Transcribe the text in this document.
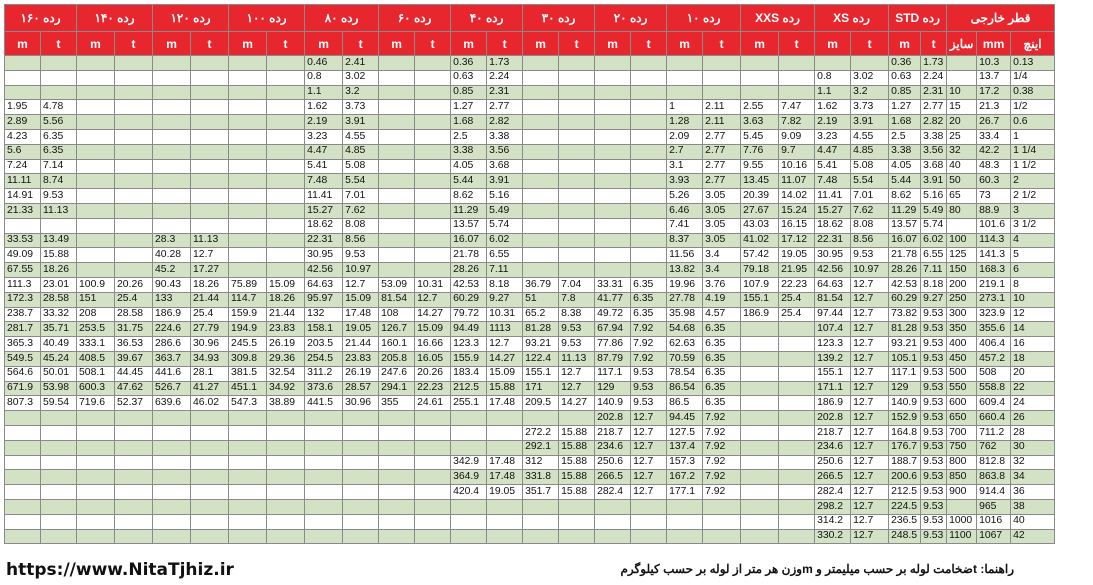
رده ۱۶۰		رده ۱۴۰		رده ۱۲۰		رده ۱۰۰		رده ۸۰		رده ۶۰		رده ۴۰		رده ۳۰		رده ۲۰		رده ۱۰		رده XXS		رده XS		رده STD		قطر خارجی		
m	t	m	t	m	t	m	t	m	t	m	t	m	t	m	t	m	t	m	t	m	t	m	t	m	t	سایز	mm	اینچ
								0.46	2.41			0.36	1.73											0.36	1.73		10.3	0.13
								0.8	3.02			0.63	2.24									0.8	3.02	0.63	2.24		13.7	1/4
								1.1	3.2			0.85	2.31									1.1	3.2	0.85	2.31	10	17.2	0.38
1.95	4.78							1.62	3.73			1.27	2.77					1	2.11	2.55	7.47	1.62	3.73	1.27	2.77	15	21.3	1/2
2.89	5.56							2.19	3.91			1.68	2.82					1.28	2.11	3.63	7.82	2.19	3.91	1.68	2.82	20	26.7	0.6
4.23	6.35							3.23	4.55			2.5	3.38					2.09	2.77	5.45	9.09	3.23	4.55	2.5	3.38	25	33.4	1
5.6	6.35							4.47	4.85			3.38	3.56					2.7	2.77	7.76	9.7	4.47	4.85	3.38	3.56	32	42.2	1 1/4
7.24	7.14							5.41	5.08			4.05	3.68					3.1	2.77	9.55	10.16	5.41	5.08	4.05	3.68	40	48.3	1 1/2
11.11	8.74							7.48	5.54			5.44	3.91					3.93	2.77	13.45	11.07	7.48	5.54	5.44	3.91	50	60.3	2
14.91	9.53							11.41	7.01			8.62	5.16					5.26	3.05	20.39	14.02	11.41	7.01	8.62	5.16	65	73	2 1/2
21.33	11.13							15.27	7.62			11.29	5.49					6.46	3.05	27.67	15.24	15.27	7.62	11.29	5.49	80	88.9	3
								18.62	8.08			13.57	5.74					7.41	3.05	43.03	16.15	18.62	8.08	13.57	5.74		101.6	3 1/2
33.53	13.49			28.3	11.13			22.31	8.56			16.07	6.02					8.37	3.05	41.02	17.12	22.31	8.56	16.07	6.02	100	114.3	4
49.09	15.88			40.28	12.7			30.95	9.53			21.78	6.55					11.56	3.4	57.42	19.05	30.95	9.53	21.78	6.55	125	141.3	5
67.55	18.26			45.2	17.27			42.56	10.97			28.26	7.11					13.82	3.4	79.18	21.95	42.56	10.97	28.26	7.11	150	168.3	6
111.3	23.01	100.9	20.26	90.43	18.26	75.89	15.09	64.63	12.7	53.09	10.31	42.53	8.18	36.79	7.04	33.31	6.35	19.96	3.76	107.9	22.23	64.63	12.7	42.53	8.18	200	219.1	8
172.3	28.58	151	25.4	133	21.44	114.7	18.26	95.97	15.09	81.54	12.7	60.29	9.27	51	7.8	41.77	6.35	27.78	4.19	155.1	25.4	81.54	12.7	60.29	9.27	250	273.1	10
238.7	33.32	208	28.58	186.9	25.4	159.9	21.44	132	17.48	108	14.27	79.72	10.31	65.2	8.38	49.72	6.35	35.98	4.57	186.9	25.4	97.44	12.7	73.82	9.53	300	323.9	12
281.7	35.71	253.5	31.75	224.6	27.79	194.9	23.83	158.1	19.05	126.7	15.09	94.49	1113	81.28	9.53	67.94	7.92	54.68	6.35			107.4	12.7	81.28	9.53	350	355.6	14
365.3	40.49	333.1	36.53	286.6	30.96	245.5	26.19	203.5	21.44	160.1	16.66	123.3	12.7	93.21	9.53	77.86	7.92	62.63	6.35			123.3	12.7	93.21	9.53	400	406.4	16
549.5	45.24	408.5	39.67	363.7	34.93	309.8	29.36	254.5	23.83	205.8	16.05	155.9	14.27	122.4	11.13	87.79	7.92	70.59	6.35			139.2	12.7	105.1	9.53	450	457.2	18
564.6	50.01	508.1	44.45	441.6	28.1	381.5	32.54	311.2	26.19	247.6	20.26	183.4	15.09	155.1	12.7	117.1	9.53	78.54	6.35			155.1	12.7	117.1	9.53	500	508	20
671.9	53.98	600.3	47.62	526.7	41.27	451.1	34.92	373.6	28.57	294.1	22.23	212.5	15.88	171	12.7	129	9.53	86.54	6.35			171.1	12.7	129	9.53	550	558.8	22
807.3	59.54	719.6	52.37	639.6	46.02	547.3	38.89	441.5	30.96	355	24.61	255.1	17.48	209.5	14.27	140.9	9.53	86.5	6.35			186.9	12.7	140.9	9.53	600	609.4	24
																202.8	12.7	94.45	7.92			202.8	12.7	152.9	9.53	650	660.4	26
														272.2	15.88	218.7	12.7	127.5	7.92			218.7	12.7	164.8	9.53	700	711.2	28
														292.1	15.88	234.6	12.7	137.4	7.92			234.6	12.7	176.7	9.53	750	762	30
												342.9	17.48	312	15.88	250.6	12.7	157.3	7.92			250.6	12.7	188.7	9.53	800	812.8	32
												364.9	17.48	331.8	15.88	266.5	12.7	167.2	7.92			266.5	12.7	200.6	9.53	850	863.8	34
												420.4	19.05	351.7	15.88	282.4	12.7	177.1	7.92			282.4	12.7	212.5	9.53	900	914.4	36
																						298.2	12.7	224.5	9.53		965	38
																						314.2	12.7	236.5	9.53	1000	1016	40
																						330.2	12.7	248.5	9.53	1100	1067	42
https://www.NitaTjhiz.ir	راهنما: tضخامت لوله بر حسب میلیمتر و mوزن هر متر از لوله بر حسب کیلوگرم
